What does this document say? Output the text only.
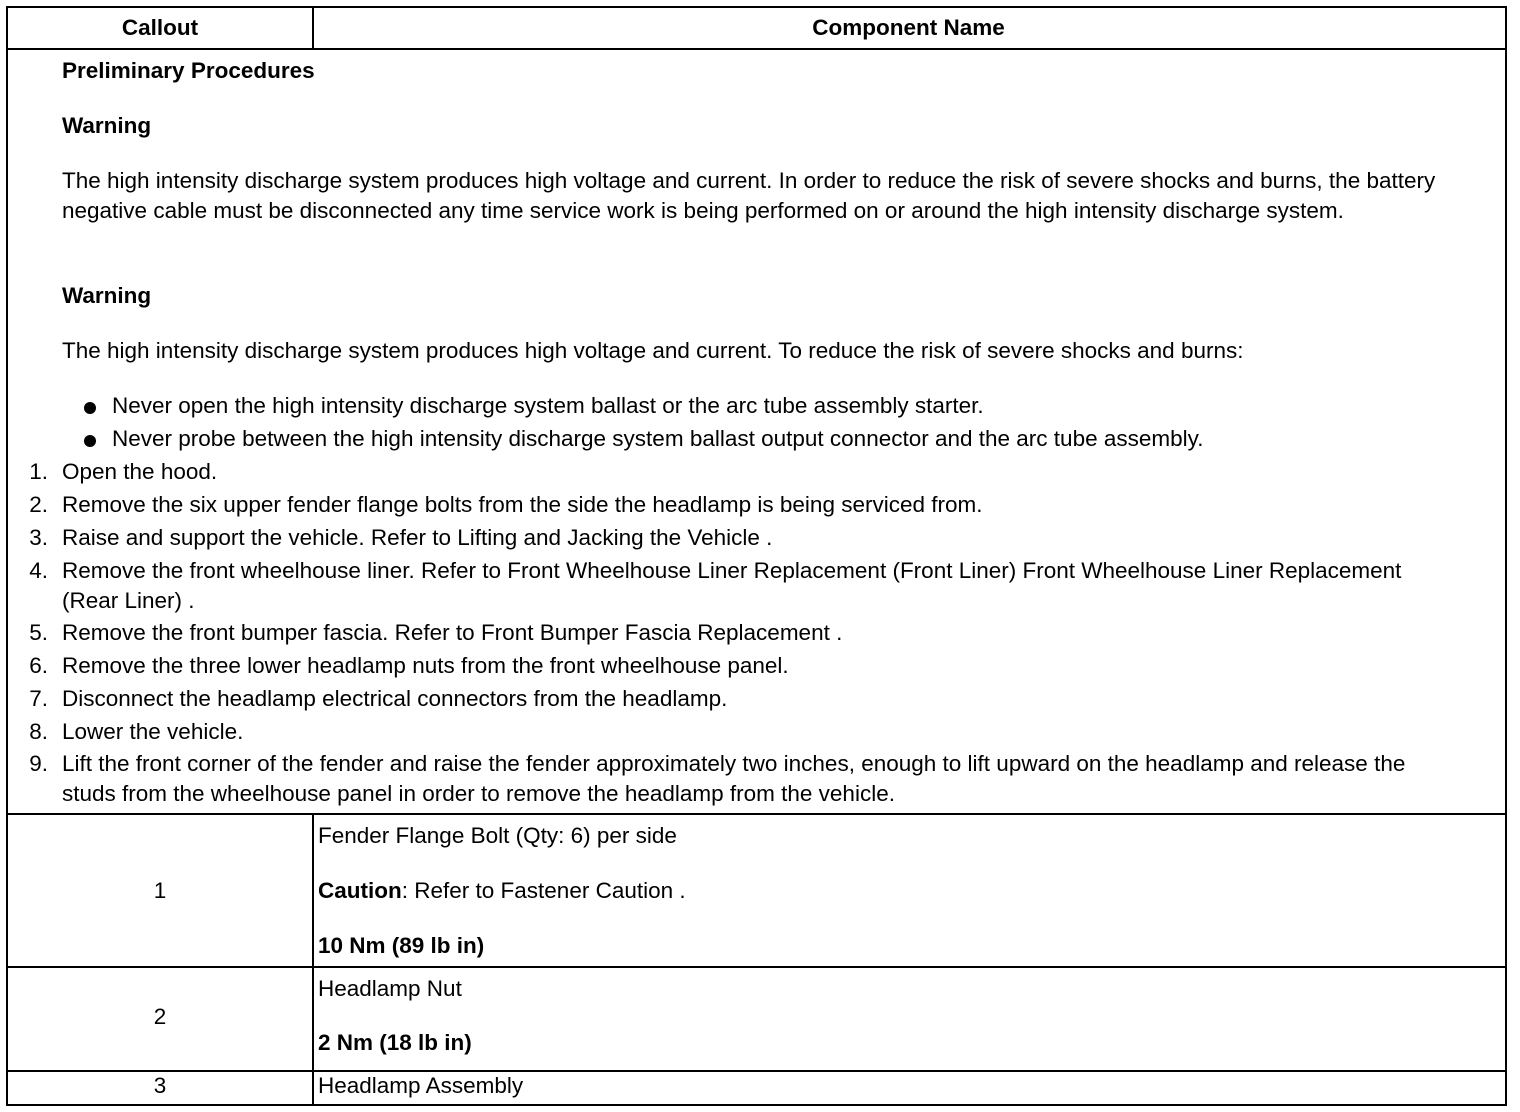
Callout	Component Name
Preliminary Procedures
Warning
The high intensity discharge system produces high voltage and current. In order to reduce the risk of severe shocks and burns, the battery negative cable must be disconnected any time service work is being performed on or around the high intensity discharge system.
Warning
The high intensity discharge system produces high voltage and current. To reduce the risk of severe shocks and burns:
Never open the high intensity discharge system ballast or the arc tube assembly starter.
Never probe between the high intensity discharge system ballast output connector and the arc tube assembly.
1. Open the hood.
2. Remove the six upper fender flange bolts from the side the headlamp is being serviced from.
3. Raise and support the vehicle. Refer to Lifting and Jacking the Vehicle .
4. Remove the front wheelhouse liner. Refer to Front Wheelhouse Liner Replacement (Front Liner) Front Wheelhouse Liner Replacement (Rear Liner) .
5. Remove the front bumper fascia. Refer to Front Bumper Fascia Replacement .
6. Remove the three lower headlamp nuts from the front wheelhouse panel.
7. Disconnect the headlamp electrical connectors from the headlamp.
8. Lower the vehicle.
9. Lift the front corner of the fender and raise the fender approximately two inches, enough to lift upward on the headlamp and release the studs from the wheelhouse panel in order to remove the headlamp from the vehicle.
1
Fender Flange Bolt (Qty: 6) per side
Caution: Refer to Fastener Caution .
10 Nm (89 lb in)
2
Headlamp Nut
2 Nm (18 lb in)
3	Headlamp Assembly
